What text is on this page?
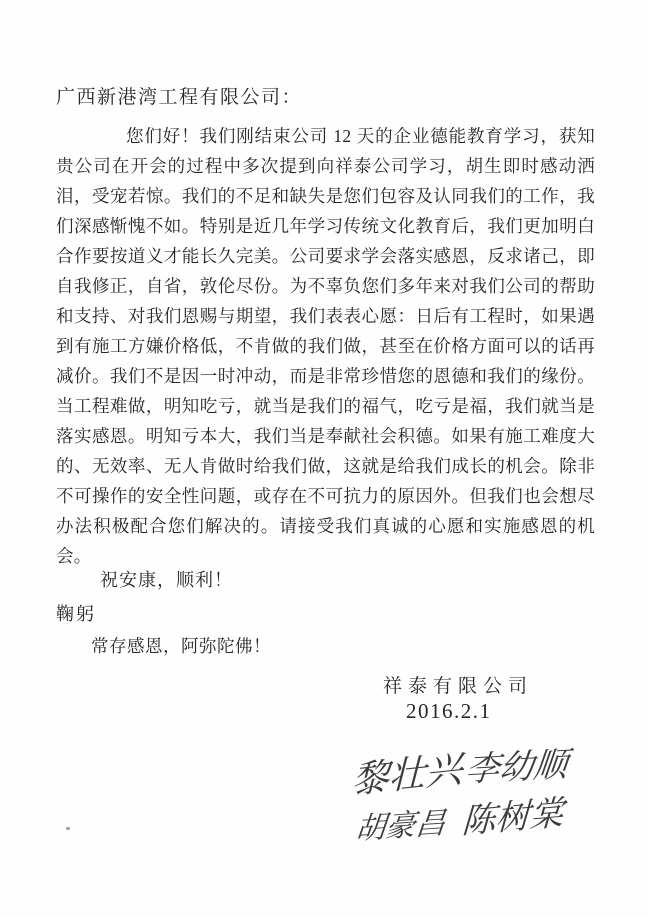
广西新港湾工程有限公司：

您们好！我们刚结束公司 12 天的企业德能教育学习，获知贵公司在开会的过程中多次提到向祥泰公司学习，胡生即时感动洒泪，受宠若惊。我们的不足和缺失是您们包容及认同我们的工作，我们深感惭愧不如。特别是近几年学习传统文化教育后，我们更加明白合作要按道义才能长久完美。公司要求学会落实感恩，反求诸己，即自我修正，自省，敦伦尽份。为不辜负您们多年来对我们公司的帮助和支持、对我们恩赐与期望，我们表表心愿：日后有工程时，如果遇到有施工方嫌价格低，不肯做的我们做，甚至在价格方面可以的话再减价。我们不是因一时冲动，而是非常珍惜您的恩德和我们的缘份。当工程难做，明知吃亏，就当是我们的福气，吃亏是福，我们就当是落实感恩。明知亏本大，我们当是奉献社会积德。如果有施工难度大的、无效率、无人肯做时给我们做，这就是给我们成长的机会。除非不可操作的安全性问题，或存在不可抗力的原因外。但我们也会想尽办法积极配合您们解决的。请接受我们真诚的心愿和实施感恩的机会。

祝安康，顺利！
鞠躬
常存感恩，阿弥陀佛！
祥泰有限公司
2016.2.1
黎壮兴 李幼顺
胡豪昌 陈树棠
